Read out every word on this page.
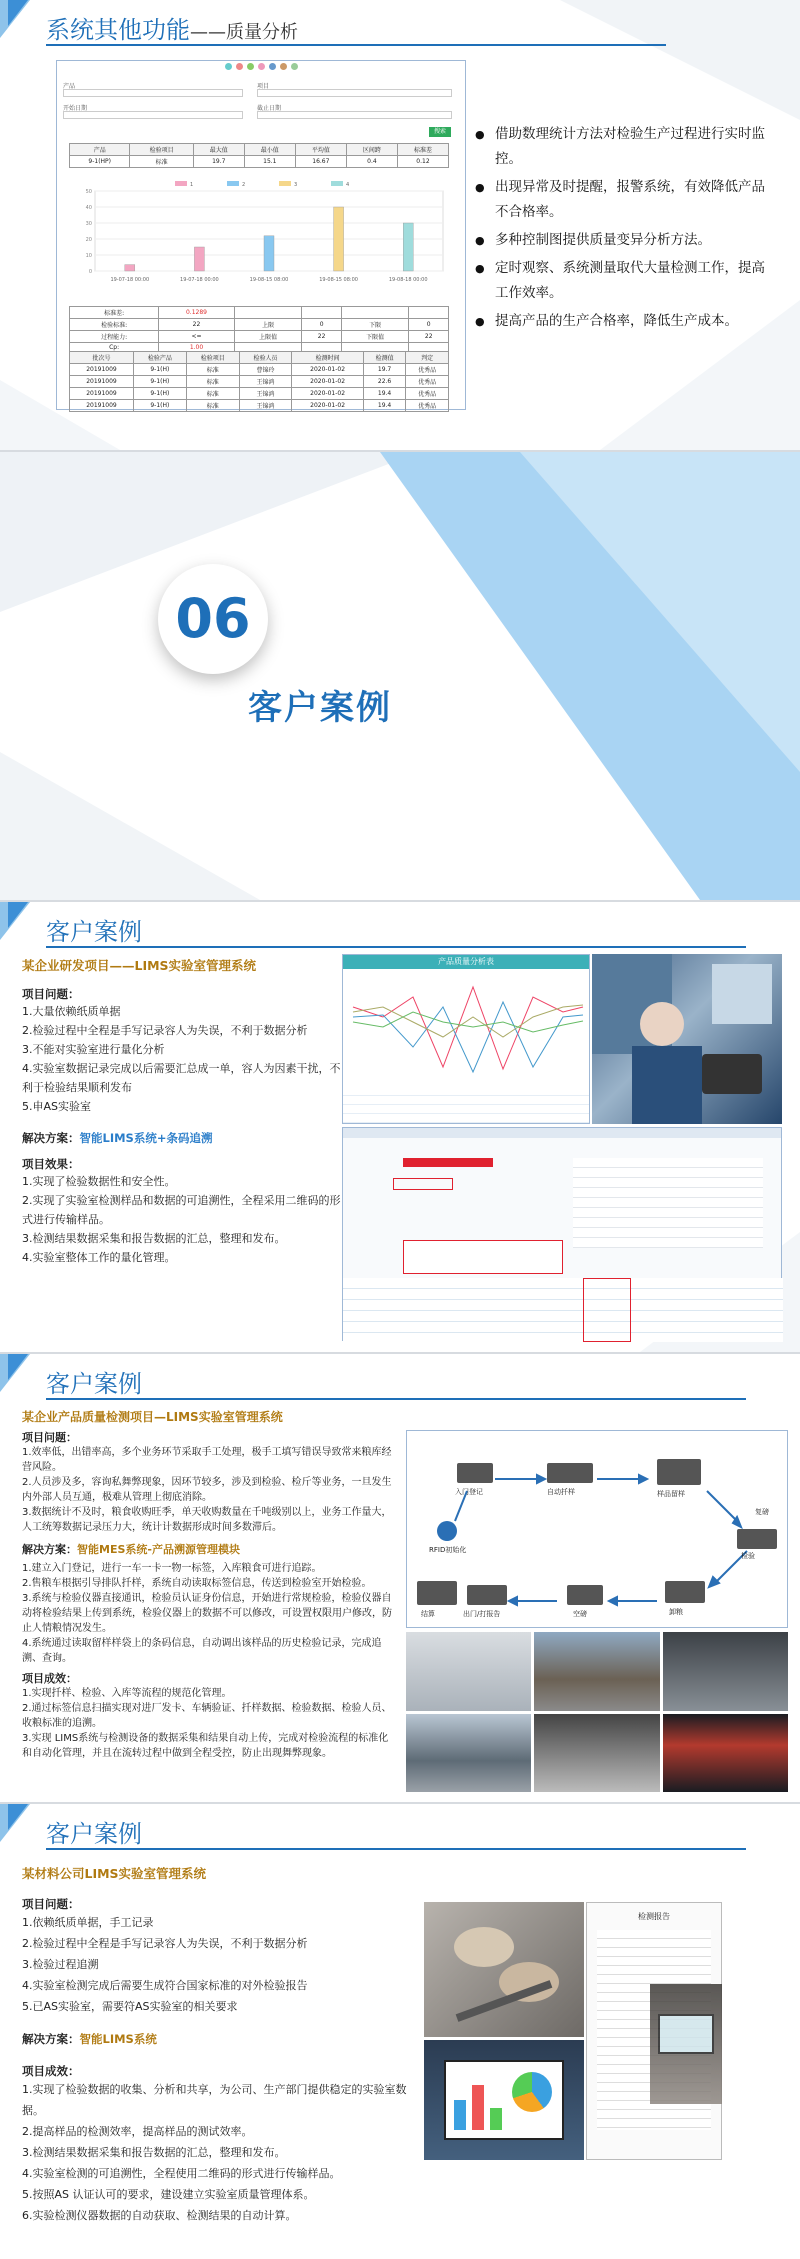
系统其他功能——质量分析
产品	项目
开始日期	截止日期
搜索
产品	检验项目	最大值	最小值	平均值	区间跨	标准差
9-1(HP)	标准	19.7	15.1	16.67	0.4	0.12
0
10
20
30
40
50
1	2	3	4
19-07-18 00:00	19-07-18 00:00	19-08-15 08:00	19-08-15 08:00	19-08-18 00:00
标准差:	0.1289				
检验标准:	22	上限	0	下限	0
过程能力:	<=	上限值	22	下限值	22
Cp:	1.00				
批次号	检验产品	检验项目	检验人员	检测时间	检测值	判定
20191009	9-1(H)	标准	曹锦玲	2020-01-02	19.7	优秀品
20191009	9-1(H)	标准	王锦鸿	2020-01-02	22.6	优秀品
20191009	9-1(H)	标准	王锦鸿	2020-01-02	19.4	优秀品
20191009	9-1(H)	标准	王锦鸿	2020-01-02	19.4	优秀品
● 借助数理统计方法对检验生产过程进行实时监控。
● 出现异常及时提醒，报警系统，有效降低产品不合格率。
● 多种控制图提供质量变异分析方法。
● 定时观察、系统测量取代大量检测工作，提高工作效率。
● 提高产品的生产合格率，降低生产成本。
06
客户案例
客户案例
某企业研发项目——LIMS实验室管理系统
项目问题：
1.大量依赖纸质单据
2.检验过程中全程是手写记录容人为失误，不利于数据分析
3.不能对实验室进行量化分析
4.实验室数据记录完成以后需要汇总成一单，容人为因素干扰，不利于检验结果顺利发布
5.申AS实验室
解决方案：智能LIMS系统+条码追溯
项目效果：
1.实现了检验数据性和安全性。
2.实现了实验室检测样品和数据的可追溯性，全程采用二维码的形式进行传输样品。
3.检测结果数据采集和报告数据的汇总，整理和发布。
4.实验室整体工作的量化管理。
产品质量分析表
客户案例
某企业产品质量检测项目—LIMS实验室管理系统
项目问题：
1.效率低，出错率高，多个业务环节采取手工处理，极手工填写错误导致常来粮库经营风险。
2.人员涉及多，容询私舞弊现象，因环节较多，涉及到检验、检斤等业务，一旦发生内外部人员互通，极难从管理上彻底消除。
3.数据统计不及时，粮食收购旺季，单天收购数量在千吨级别以上，业务工作量大，人工统筹数据记录压力大，统计计数据形成时间多数滞后。
解决方案：智能MES系统-产品溯源管理模块
1.建立入门登记，进行一车一卡一物一标签，入库粮食可进行追踪。
2.售粮车根据引导排队扦样，系统自动读取标签信息，传送到检验室开始检验。
3.系统与检验仪器直接通讯，检验员认证身份信息，开始进行常规检验，检验仪器自动将检验结果上传到系统，检验仪器上的数据不可以修改，可设置权限用户修改，防止人情粮情况发生。
4.系统通过读取留样样袋上的条码信息，自动调出该样品的历史检验记录，完成追溯、查询。
项目成效：
1.实现扦样、检验、入库等流程的规范化管理。
2.通过标签信息扫描实现对进厂发卡、车辆验证、扦样数据、检验数据、检验人员、收粮标准的追溯。
3.实现 LIMS系统与检测设备的数据采集和结果自动上传，完成对检验流程的标准化和自动化管理，并且在流转过程中做到全程受控，防止出现舞弊现象。
入门登记	自动扦样	样品留样
检验
复磅
卸粮
空磅
出门/打报告
结算
RFID初始化
客户案例
某材料公司LIMS实验室管理系统
项目问题：
1.依赖纸质单据，手工记录
2.检验过程中全程是手写记录容人为失误，不利于数据分析
3.检验过程追溯
4.实验室检测完成后需要生成符合国家标准的对外检验报告
5.已AS实验室，需要符AS实验室的相关要求
解决方案：智能LIMS系统
项目成效：
1.实现了检验数据的收集、分析和共享，为公司、生产部门提供稳定的实验室数据。
2.提高样品的检测效率，提高样品的测试效率。
3.检测结果数据采集和报告数据的汇总，整理和发布。
4.实验室检测的可追溯性，全程使用二维码的形式进行传输样品。
5.按照AS 认证认可的要求，建设建立实验室质量管理体系。
6.实验检测仪器数据的自动获取、检测结果的自动计算。
检测报告
